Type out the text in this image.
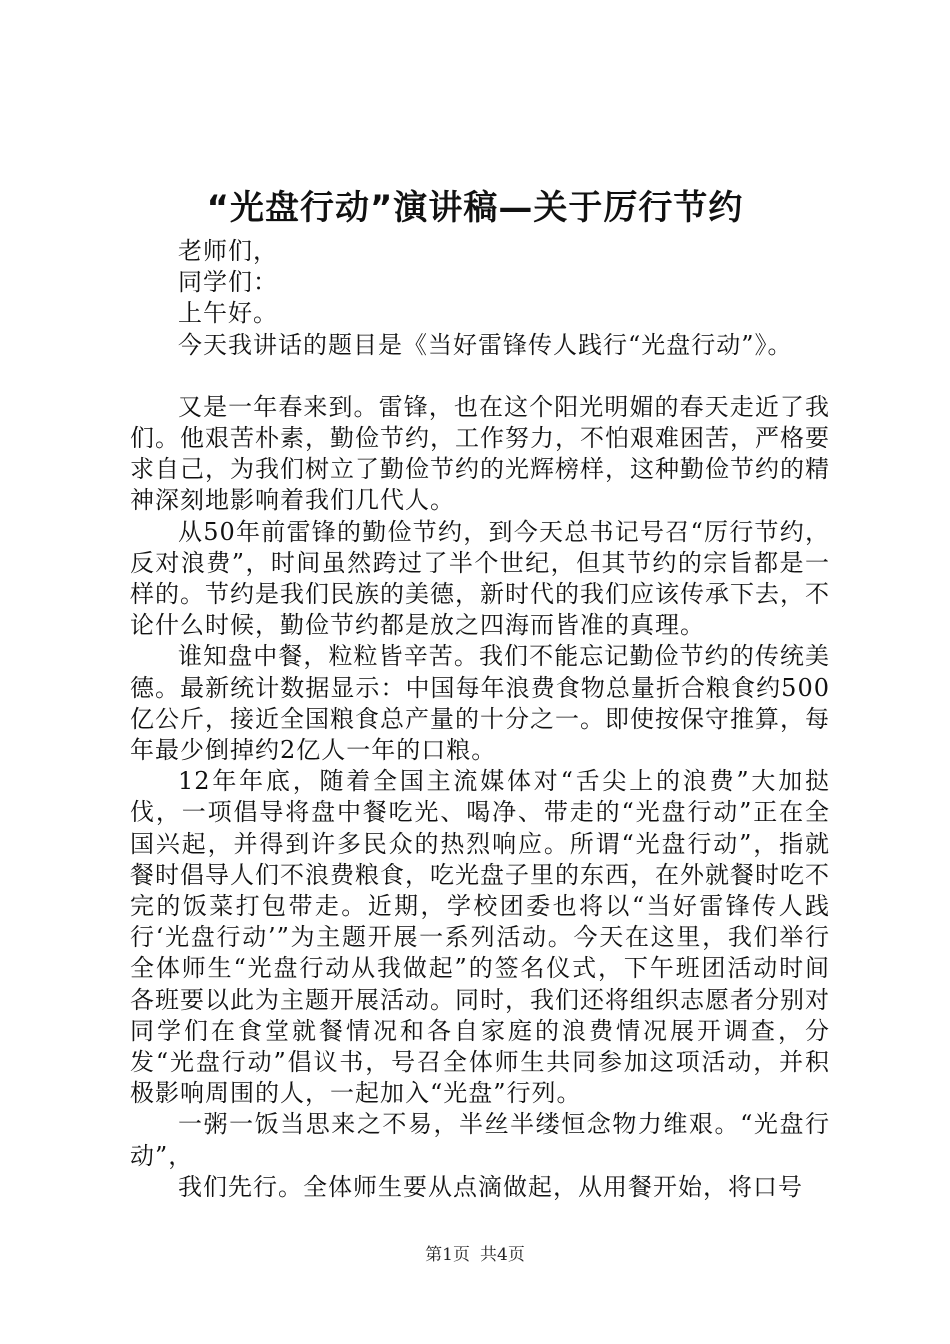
“光盘行动”演讲稿—关于厉行节约

老师们，

同学们：

上午好。

今天我讲话的题目是《当好雷锋传人践行“光盘行动”》。

又是一年春来到。雷锋，也在这个阳光明媚的春天走近了我们。他艰苦朴素，勤俭节约，工作努力，不怕艰难困苦，严格要求自己，为我们树立了勤俭节约的光辉榜样，这种勤俭节约的精神深刻地影响着我们几代人。

从50年前雷锋的勤俭节约，到今天总书记号召“厉行节约，反对浪费”，时间虽然跨过了半个世纪，但其节约的宗旨都是一样的。节约是我们民族的美德，新时代的我们应该传承下去，不论什么时候，勤俭节约都是放之四海而皆准的真理。

谁知盘中餐，粒粒皆辛苦。我们不能忘记勤俭节约的传统美德。最新统计数据显示：中国每年浪费食物总量折合粮食约500亿公斤，接近全国粮食总产量的十分之一。即使按保守推算，每年最少倒掉约2亿人一年的口粮。

12年年底，随着全国主流媒体对“舌尖上的浪费”大加挞伐，一项倡导将盘中餐吃光、喝净、带走的“光盘行动”正在全国兴起，并得到许多民众的热烈响应。所谓“光盘行动”，指就餐时倡导人们不浪费粮食，吃光盘子里的东西，在外就餐时吃不完的饭菜打包带走。近期，学校团委也将以“当好雷锋传人践行‘光盘行动’”为主题开展一系列活动。今天在这里，我们举行全体师生“光盘行动从我做起”的签名仪式，下午班团活动时间各班要以此为主题开展活动。同时，我们还将组织志愿者分别对同学们在食堂就餐情况和各自家庭的浪费情况展开调查，分发“光盘行动”倡议书，号召全体师生共同参加这项活动，并积极影响周围的人，一起加入“光盘”行列。

一粥一饭当思来之不易，半丝半缕恒念物力维艰。“光盘行动”，

我们先行。全体师生要从点滴做起，从用餐开始，将口号

第1页 共4页
